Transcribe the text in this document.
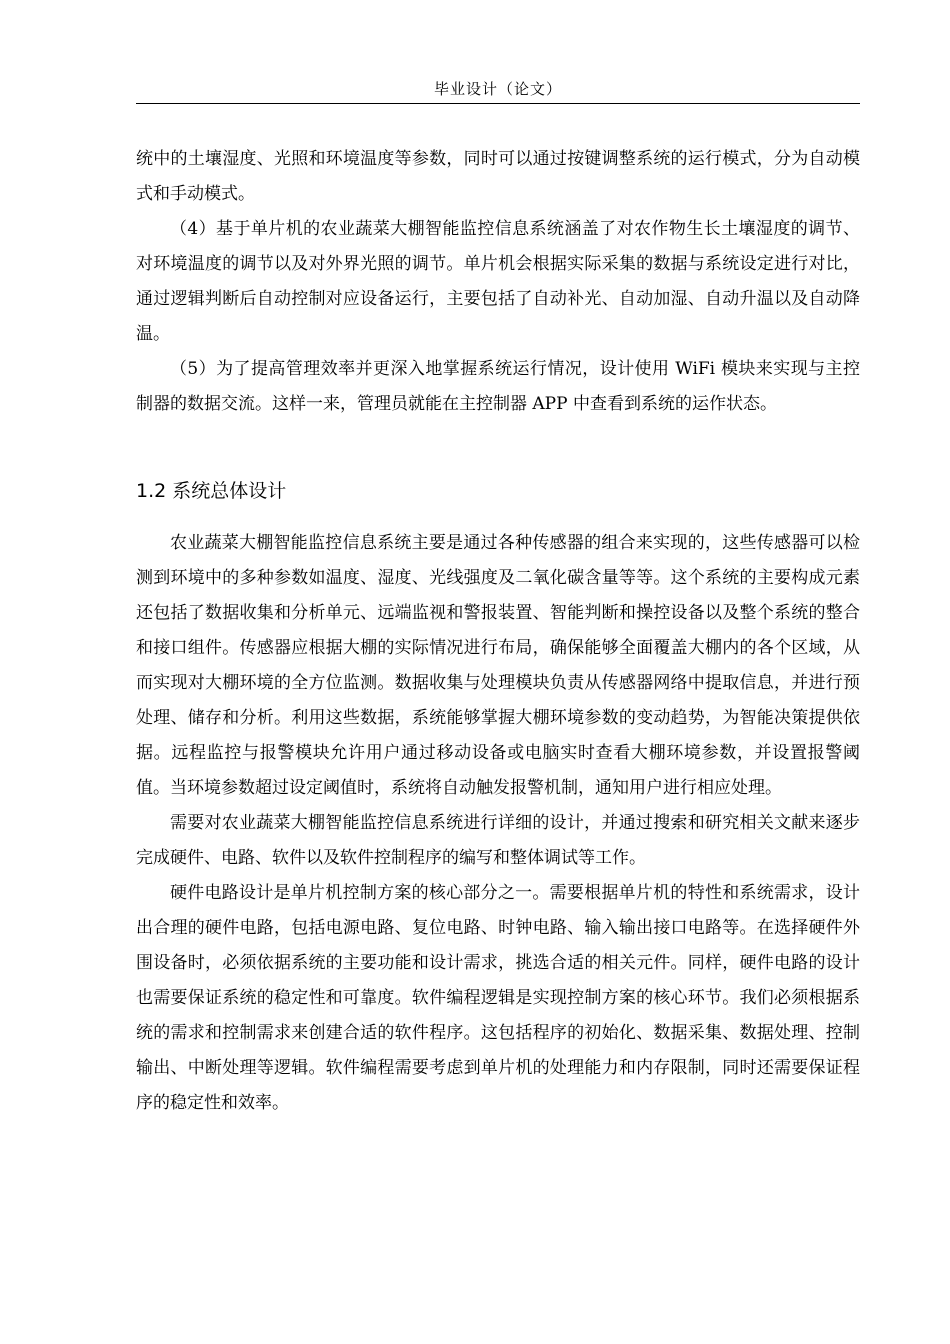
毕业设计（论文）

统中的土壤湿度、光照和环境温度等参数，同时可以通过按键调整系统的运行模式，分为自动模式和手动模式。

（4）基于单片机的农业蔬菜大棚智能监控信息系统涵盖了对农作物生长土壤湿度的调节、对环境温度的调节以及对外界光照的调节。单片机会根据实际采集的数据与系统设定进行对比，通过逻辑判断后自动控制对应设备运行，主要包括了自动补光、自动加湿、自动升温以及自动降温。

（5）为了提高管理效率并更深入地掌握系统运行情况，设计使用 WiFi 模块来实现与主控制器的数据交流。这样一来，管理员就能在主控制器 APP 中查看到系统的运作状态。

1.2 系统总体设计

农业蔬菜大棚智能监控信息系统主要是通过各种传感器的组合来实现的，这些传感器可以检测到环境中的多种参数如温度、湿度、光线强度及二氧化碳含量等等。这个系统的主要构成元素还包括了数据收集和分析单元、远端监视和警报装置、智能判断和操控设备以及整个系统的整合和接口组件。传感器应根据大棚的实际情况进行布局，确保能够全面覆盖大棚内的各个区域，从而实现对大棚环境的全方位监测。数据收集与处理模块负责从传感器网络中提取信息，并进行预处理、储存和分析。利用这些数据，系统能够掌握大棚环境参数的变动趋势，为智能决策提供依据。远程监控与报警模块允许用户通过移动设备或电脑实时查看大棚环境参数，并设置报警阈值。当环境参数超过设定阈值时，系统将自动触发报警机制，通知用户进行相应处理。

需要对农业蔬菜大棚智能监控信息系统进行详细的设计，并通过搜索和研究相关文献来逐步完成硬件、电路、软件以及软件控制程序的编写和整体调试等工作。

硬件电路设计是单片机控制方案的核心部分之一。需要根据单片机的特性和系统需求，设计出合理的硬件电路，包括电源电路、复位电路、时钟电路、输入输出接口电路等。在选择硬件外围设备时，必须依据系统的主要功能和设计需求，挑选合适的相关元件。同样，硬件电路的设计也需要保证系统的稳定性和可靠度。软件编程逻辑是实现控制方案的核心环节。我们必须根据系统的需求和控制需求来创建合适的软件程序。这包括程序的初始化、数据采集、数据处理、控制输出、中断处理等逻辑。软件编程需要考虑到单片机的处理能力和内存限制，同时还需要保证程序的稳定性和效率。
